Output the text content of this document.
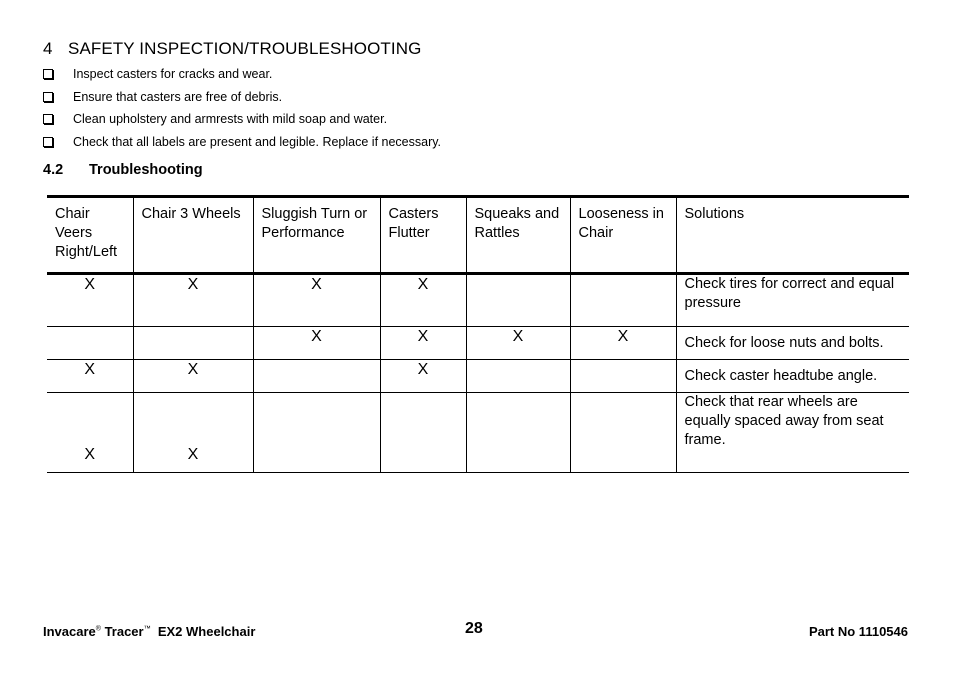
4 SAFETY INSPECTION/TROUBLESHOOTING
Inspect casters for cracks and wear.
Ensure that casters are free of debris.
Clean upholstery and armrests with mild soap and water.
Check that all labels are present and legible. Replace if necessary.
4.2 Troubleshooting
Chair Veers Right/Left	Chair 3 Wheels	Sluggish Turn or Performance	Casters Flutter	Squeaks and Rattles	Looseness in Chair	Solutions
X	X	X	X			Check tires for correct and equal pressure
		X	X	X	X	Check for loose nuts and bolts.
X	X		X			Check caster headtube angle.
X	X					Check that rear wheels are equally spaced away from seat frame.
Invacare® Tracer™ EX2 Wheelchair	28	Part No 1110546
